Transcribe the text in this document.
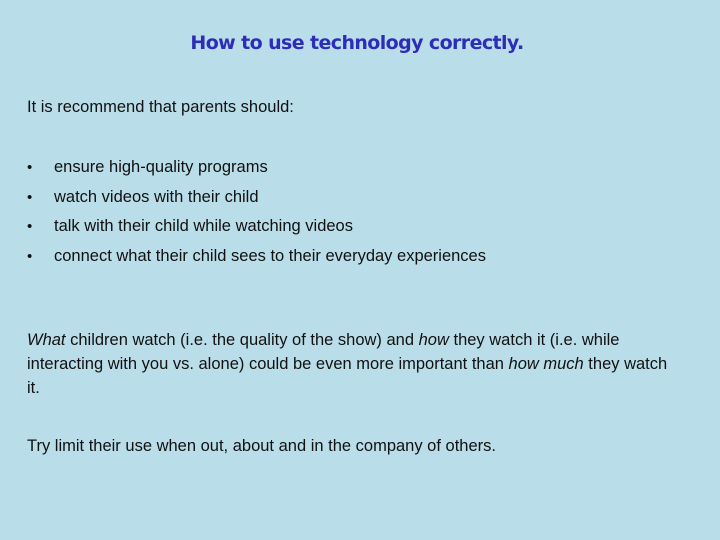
How to use technology correctly.
It is recommend that parents should:
•	ensure high-quality programs
•	watch videos with their child
•	talk with their child while watching videos
•	connect what their child sees to their everyday experiences

What children watch (i.e. the quality of the show) and how they watch it (i.e. while interacting with you vs. alone) could be even more important than how much they watch it.

Try limit their use when out, about and in the company of others.
